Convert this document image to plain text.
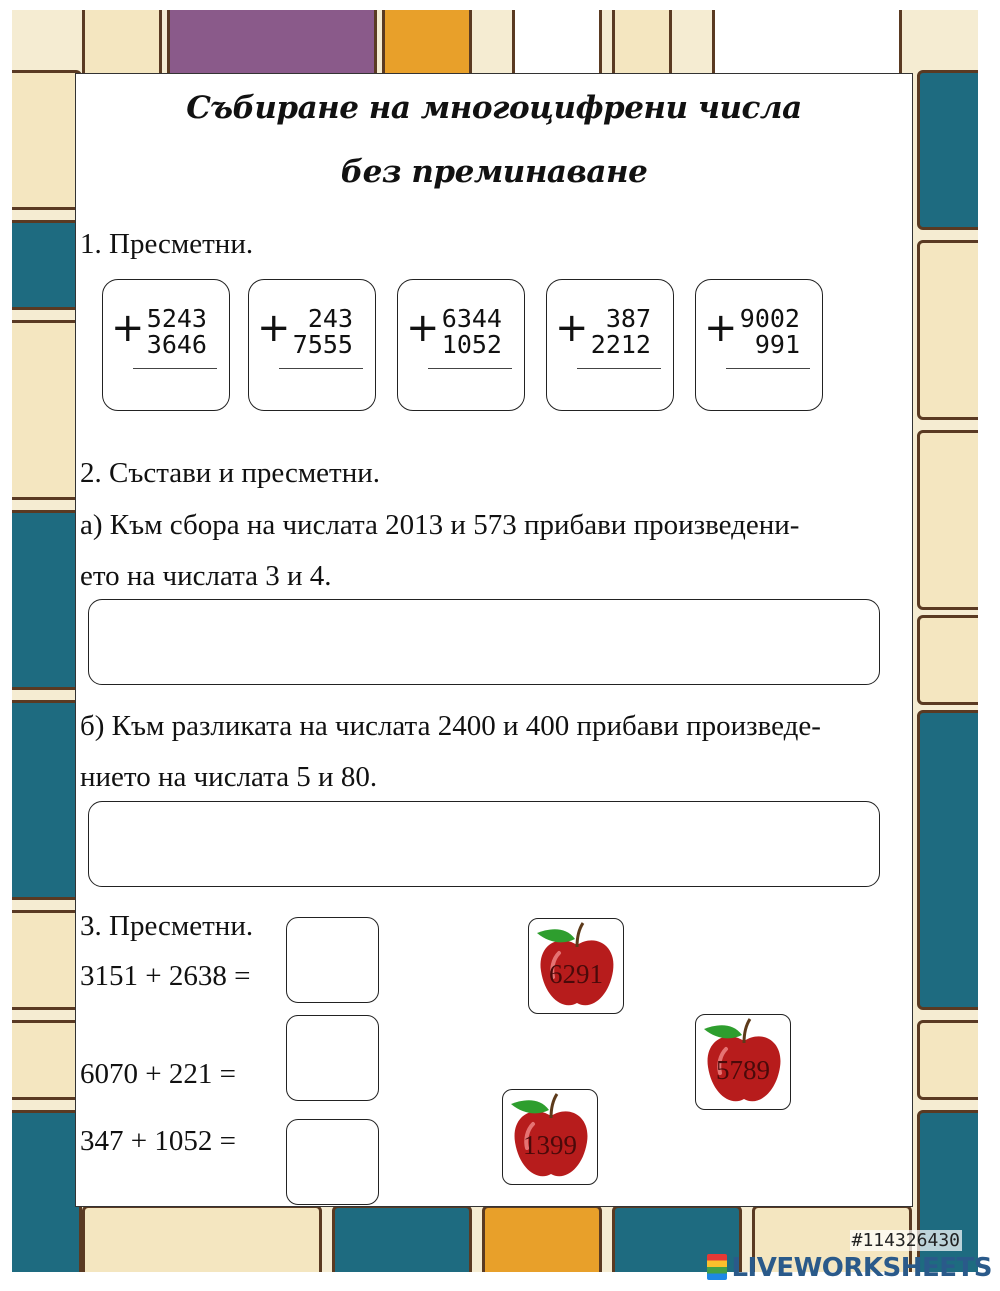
Събиране на многоцифрени числа
без преминаване
1. Пресметни.
+ 5243
3646 + 243
7555 + 6344
1052 + 387
2212 + 9002
991
2. Състави и пресметни.
а) Към сбора на числата 2013 и 573 прибави произведени-
ето на числата 3 и 4.
б) Към разликата на числата 2400 и 400 прибави произведе-
нието на числата 5 и 80.
3. Пресметни.
3151 + 2638 =
6070 + 221 =
347 + 1052 =
6291
5789
1399
#114326430
LIVEWORKSHEETS
